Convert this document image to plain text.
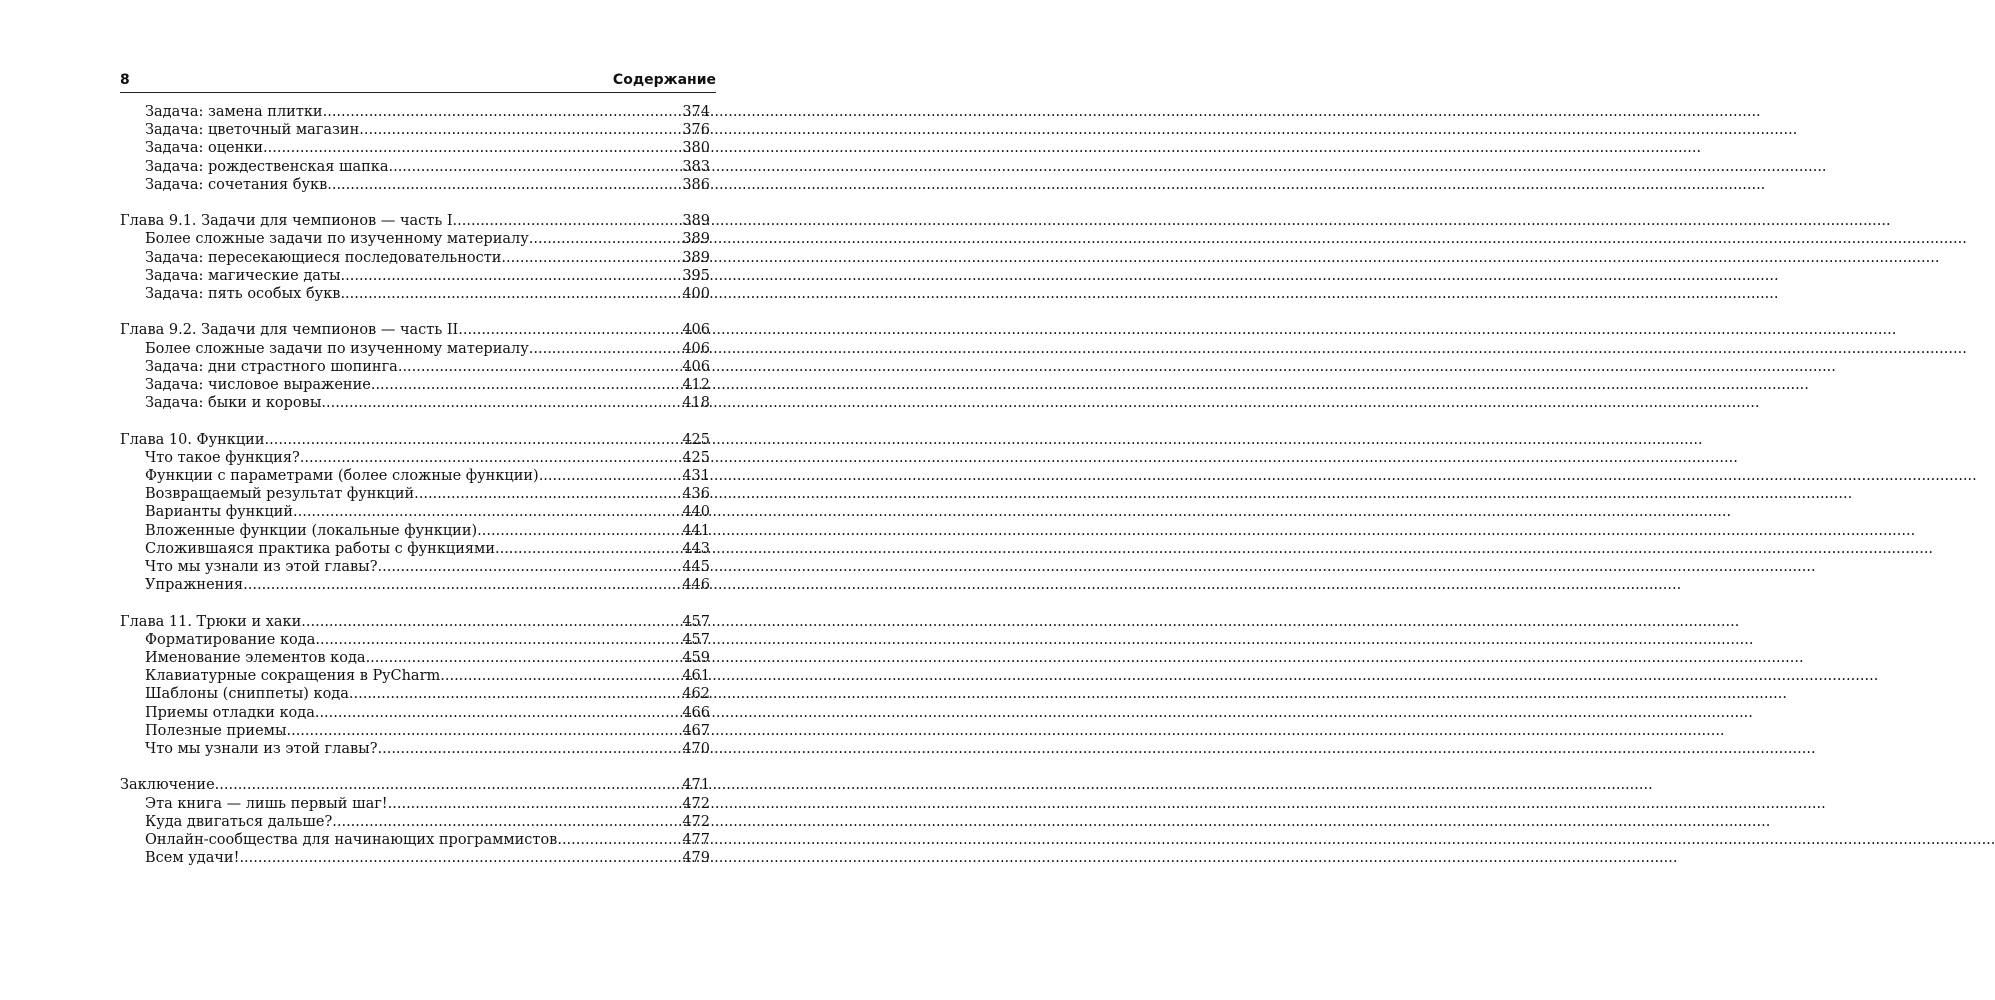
8	Содержание
Задача: замена плитки .....	374
Задача: цветочный магазин .....	376
Задача: оценки .....	380
Задача: рождественская шапка .....	383
Задача: сочетания букв .....	386
Глава 9.1. Задачи для чемпионов — часть I .....	389
Более сложные задачи по изученному материалу .....	389
Задача: пересекающиеся последовательности .....	389
Задача: магические даты .....	395
Задача: пять особых букв .....	400
Глава 9.2. Задачи для чемпионов — часть II .....	406
Более сложные задачи по изученному материалу .....	406
Задача: дни страстного шопинга .....	406
Задача: числовое выражение .....	412
Задача: быки и коровы .....	418
Глава 10. Функции .....	425
Что такое функция? .....	425
Функции с параметрами (более сложные функции) .....	431
Возвращаемый результат функций .....	436
Варианты функций .....	440
Вложенные функции (локальные функции) .....	441
Сложившаяся практика работы с функциями .....	443
Что мы узнали из этой главы? .....	445
Упражнения .....	446
Глава 11. Трюки и хаки .....	457
Форматирование кода .....	457
Именование элементов кода .....	459
Клавиатурные сокращения в PyCharm .....	461
Шаблоны (сниппеты) кода .....	462
Приемы отладки кода .....	466
Полезные приемы .....	467
Что мы узнали из этой главы? .....	470
Заключение .....	471
Эта книга — лишь первый шаг! .....	472
Куда двигаться дальше? .....	472
Онлайн-сообщества для начинающих программистов .....	477
Всем удачи! .....	479
